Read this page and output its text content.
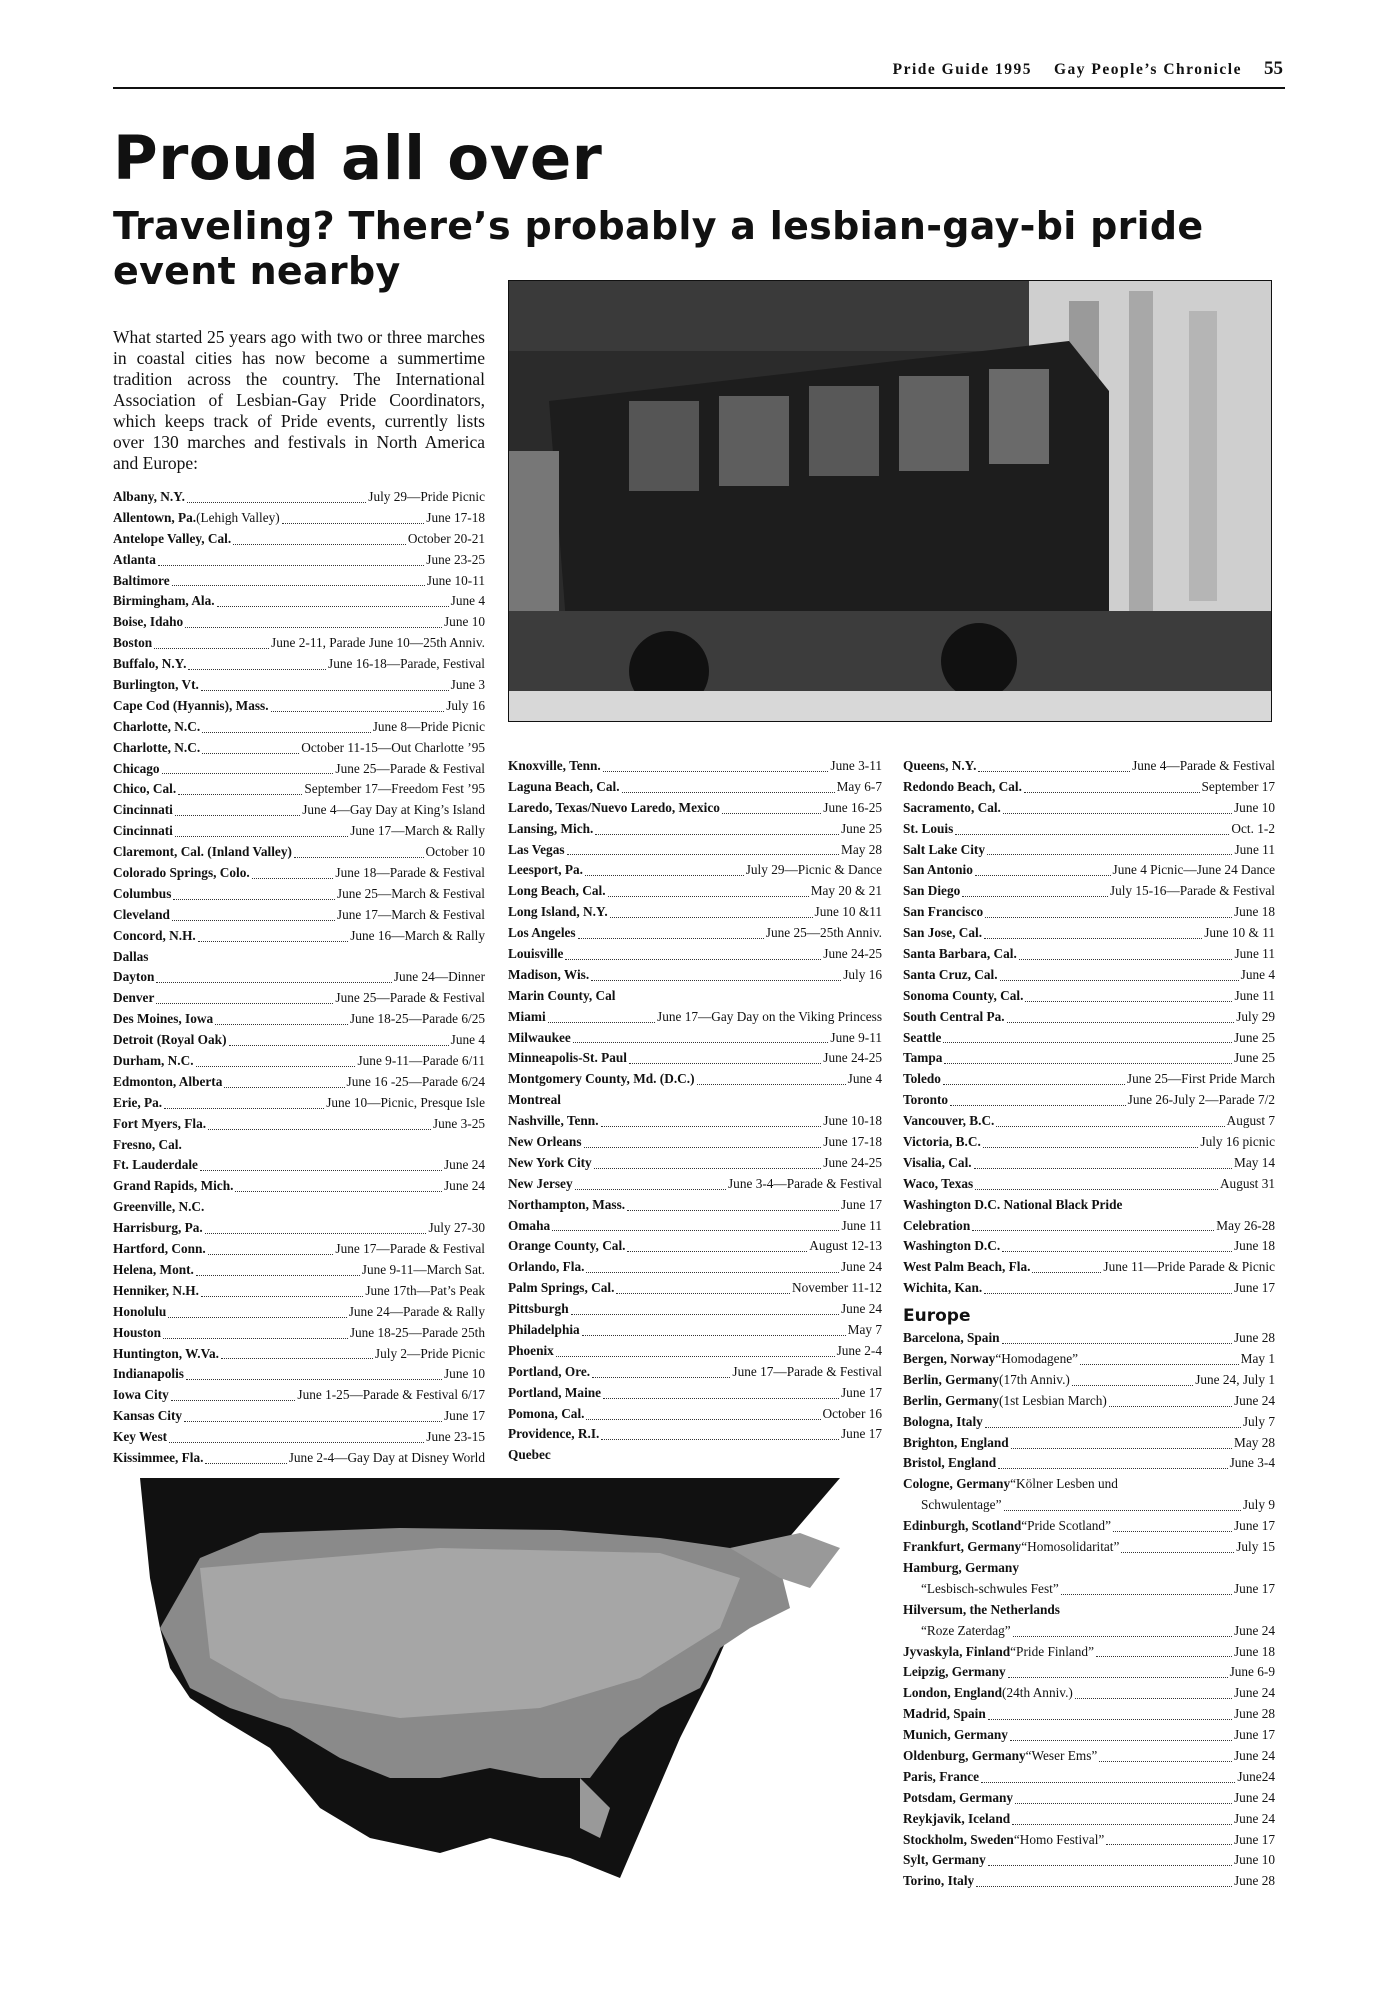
Pride Guide 1995 Gay People’s Chronicle 55
Proud all over
Traveling? There’s probably a lesbian-gay-bi pride event nearby
What started 25 years ago with two or three marches in coastal cities has now become a summertime tradition across the country. The International Association of Lesbian-Gay Pride Coordinators, which keeps track of Pride events, currently lists over 130 marches and festivals in North America and Europe:
Albany, N.Y.	July 29—Pride Picnic
Allentown, Pa. (Lehigh Valley)	June 17-18
Antelope Valley, Cal.	October 20-21
Atlanta	June 23-25
Baltimore	June 10-11
Birmingham, Ala.	June 4
Boise, Idaho	June 10
Boston	June 2-11, Parade June 10—25th Anniv.
Buffalo, N.Y.	June 16-18—Parade, Festival
Burlington, Vt.	June 3
Cape Cod (Hyannis), Mass.	July 16
Charlotte, N.C.	June 8—Pride Picnic
Charlotte, N.C.	October 11-15—Out Charlotte ’95
Chicago	June 25—Parade & Festival
Chico, Cal.	September 17—Freedom Fest ’95
Cincinnati	June 4—Gay Day at King’s Island
Cincinnati	June 17—March & Rally
Claremont, Cal. (Inland Valley)	October 10
Colorado Springs, Colo.	June 18—Parade & Festival
Columbus	June 25—March & Festival
Cleveland	June 17—March & Festival
Concord, N.H.	June 16—March & Rally
Dallas
Dayton	June 24—Dinner
Denver	June 25—Parade & Festival
Des Moines, Iowa	June 18-25—Parade 6/25
Detroit (Royal Oak)	June 4
Durham, N.C.	June 9-11—Parade 6/11
Edmonton, Alberta	June 16 -25—Parade 6/24
Erie, Pa.	June 10—Picnic, Presque Isle
Fort Myers, Fla.	June 3-25
Fresno, Cal.
Ft. Lauderdale	June 24
Grand Rapids, Mich.	June 24
Greenville, N.C.
Harrisburg, Pa.	July 27-30
Hartford, Conn.	June 17—Parade & Festival
Helena, Mont.	June 9-11—March Sat.
Henniker, N.H.	June 17th—Pat’s Peak
Honolulu	June 24—Parade & Rally
Houston	June 18-25—Parade 25th
Huntington, W.Va.	July 2—Pride Picnic
Indianapolis	June 10
Iowa City	June 1-25—Parade & Festival 6/17
Kansas City	June 17
Key West	June 23-15
Kissimmee, Fla.	June 2-4—Gay Day at Disney World
Knoxville, Tenn.	June 3-11
Laguna Beach, Cal.	May 6-7
Laredo, Texas/Nuevo Laredo, Mexico	June 16-25
Lansing, Mich.	June 25
Las Vegas	May 28
Leesport, Pa.	July 29—Picnic & Dance
Long Beach, Cal.	May 20 & 21
Long Island, N.Y.	June 10 &11
Los Angeles	June 25—25th Anniv.
Louisville	June 24-25
Madison, Wis.	July 16
Marin County, Cal
Miami	June 17—Gay Day on the Viking Princess
Milwaukee	June 9-11
Minneapolis-St. Paul	June 24-25
Montgomery County, Md. (D.C.)	June 4
Montreal
Nashville, Tenn.	June 10-18
New Orleans	June 17-18
New York City	June 24-25
New Jersey	June 3-4—Parade & Festival
Northampton, Mass.	June 17
Omaha	June 11
Orange County, Cal.	August 12-13
Orlando, Fla.	June 24
Palm Springs, Cal.	November 11-12
Pittsburgh	June 24
Philadelphia	May 7
Phoenix	June 2-4
Portland, Ore.	June 17—Parade & Festival
Portland, Maine	June 17
Pomona, Cal.	October 16
Providence, R.I.	June 17
Quebec
Queens, N.Y.	June 4—Parade & Festival
Redondo Beach, Cal.	September 17
Sacramento, Cal.	June 10
St. Louis	Oct. 1-2
Salt Lake City	June 11
San Antonio	June 4 Picnic—June 24 Dance
San Diego	July 15-16—Parade & Festival
San Francisco	June 18
San Jose, Cal.	June 10 & 11
Santa Barbara, Cal.	June 11
Santa Cruz, Cal.	June 4
Sonoma County, Cal.	June 11
South Central Pa.	July 29
Seattle	June 25
Tampa	June 25
Toledo	June 25—First Pride March
Toronto	June 26-July 2—Parade 7/2
Vancouver, B.C.	August 7
Victoria, B.C.	July 16 picnic
Visalia, Cal.	May 14
Waco, Texas	August 31
Washington D.C. National Black Pride
Celebration	May 26-28
Washington D.C.	June 18
West Palm Beach, Fla.	June 11—Pride Parade & Picnic
Wichita, Kan.	June 17
Europe
Barcelona, Spain	June 28
Bergen, Norway “Homodagene”	May 1
Berlin, Germany (17th Anniv.)	June 24, July 1
Berlin, Germany (1st Lesbian March)	June 24
Bologna, Italy	July 7
Brighton, England	May 28
Bristol, England	June 3-4
Cologne, Germany “Kölner Lesben und
Schwulentage”	July 9
Edinburgh, Scotland “Pride Scotland”	June 17
Frankfurt, Germany “Homosolidaritat”	July 15
Hamburg, Germany
“Lesbisch-schwules Fest”	June 17
Hilversum, the Netherlands
“Roze Zaterdag”	June 24
Jyvaskyla, Finland “Pride Finland”	June 18
Leipzig, Germany	June 6-9
London, England (24th Anniv.)	June 24
Madrid, Spain	June 28
Munich, Germany	June 17
Oldenburg, Germany “Weser Ems”	June 24
Paris, France	June24
Potsdam, Germany	June 24
Reykjavik, Iceland	June 24
Stockholm, Sweden “Homo Festival”	June 17
Sylt, Germany	June 10
Torino, Italy	June 28
